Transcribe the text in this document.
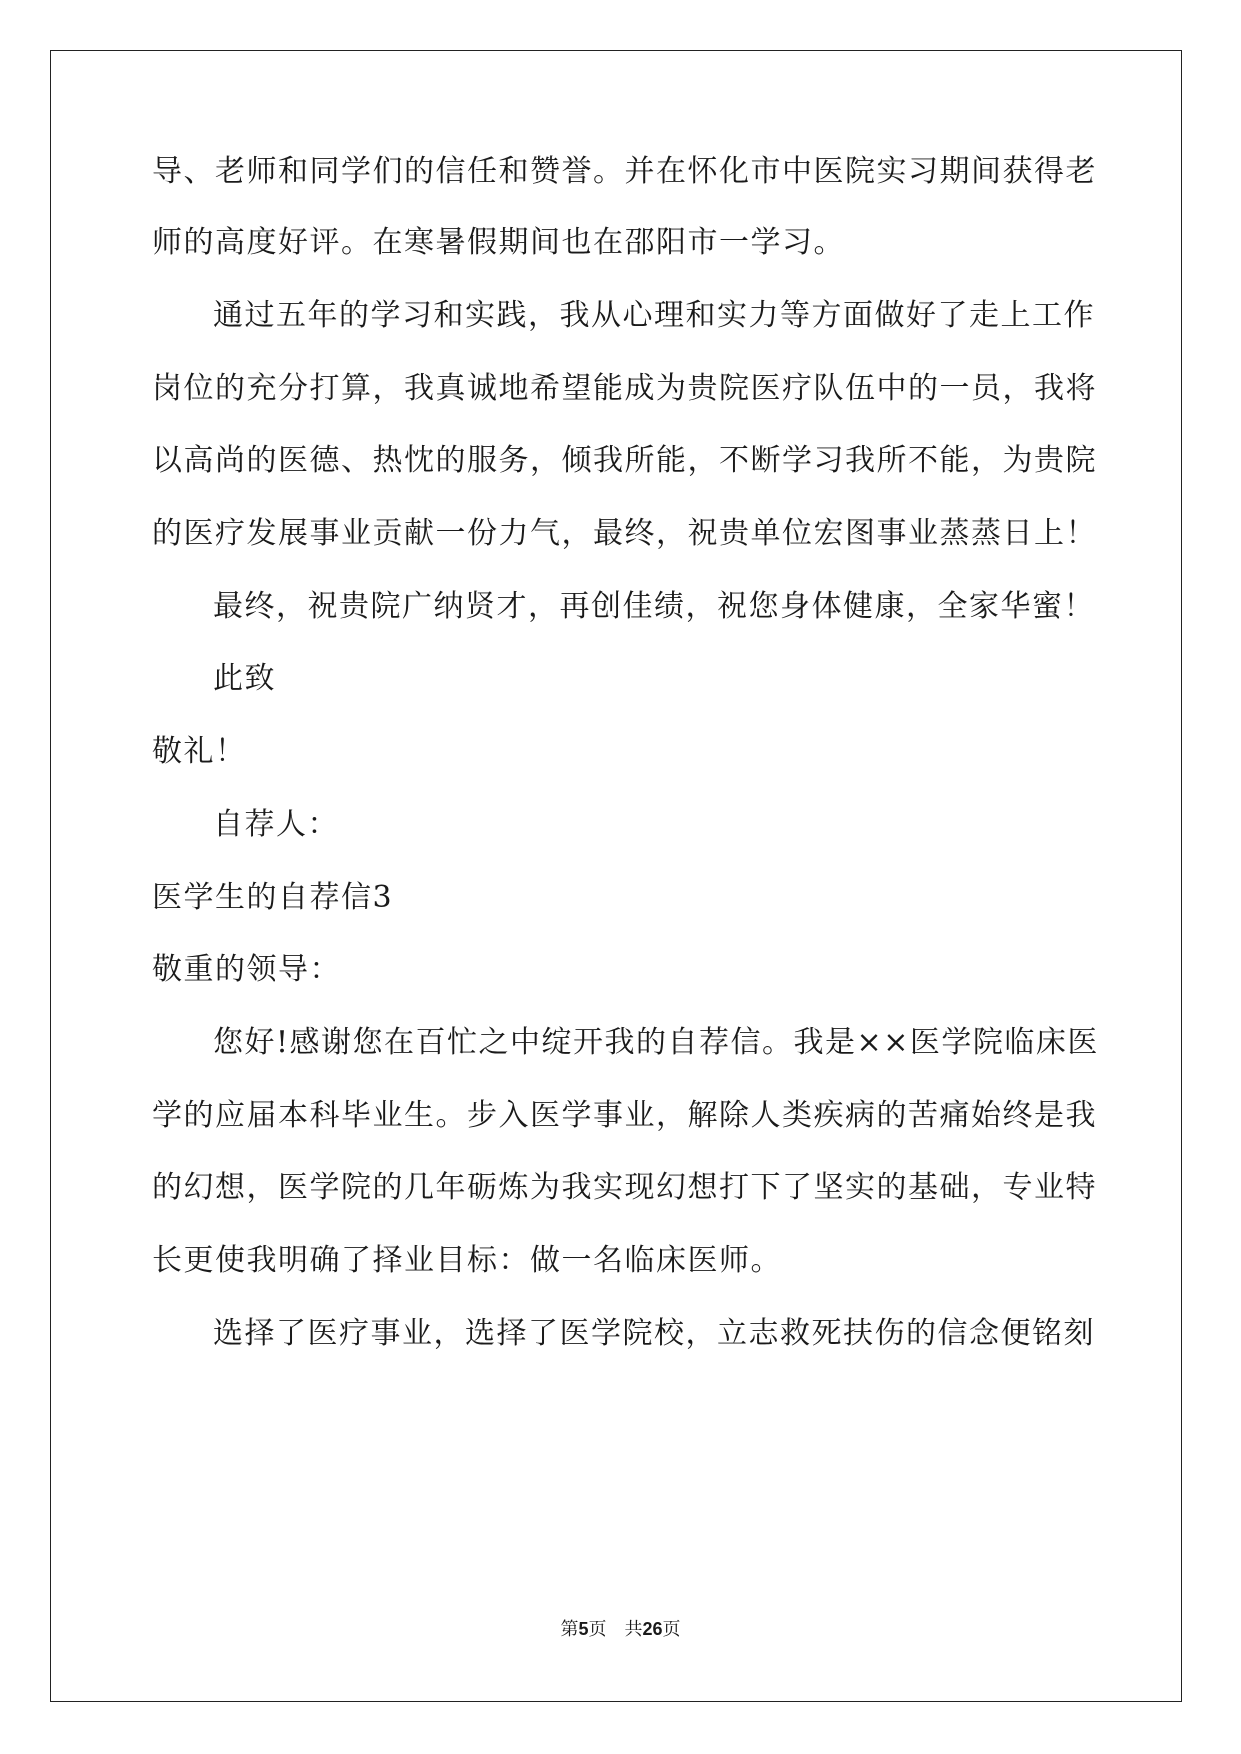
导、老师和同学们的信任和赞誉。并在怀化市中医院实习期间获得老
师的高度好评。在寒暑假期间也在邵阳市一学习。
通过五年的学习和实践，我从心理和实力等方面做好了走上工作
岗位的充分打算，我真诚地希望能成为贵院医疗队伍中的一员，我将
以高尚的医德、热忱的服务，倾我所能，不断学习我所不能，为贵院
的医疗发展事业贡献一份力气，最终，祝贵单位宏图事业蒸蒸日上！
最终，祝贵院广纳贤才，再创佳绩，祝您身体健康，全家华蜜！
此致
敬礼！
自荐人：
医学生的自荐信3
敬重的领导：
您好!感谢您在百忙之中绽开我的自荐信。我是××医学院临床医
学的应届本科毕业生。步入医学事业，解除人类疾病的苦痛始终是我
的幻想，医学院的几年砺炼为我实现幻想打下了坚实的基础，专业特
长更使我明确了择业目标：做一名临床医师。
选择了医疗事业，选择了医学院校，立志救死扶伤的信念便铭刻
第5页　共26页
